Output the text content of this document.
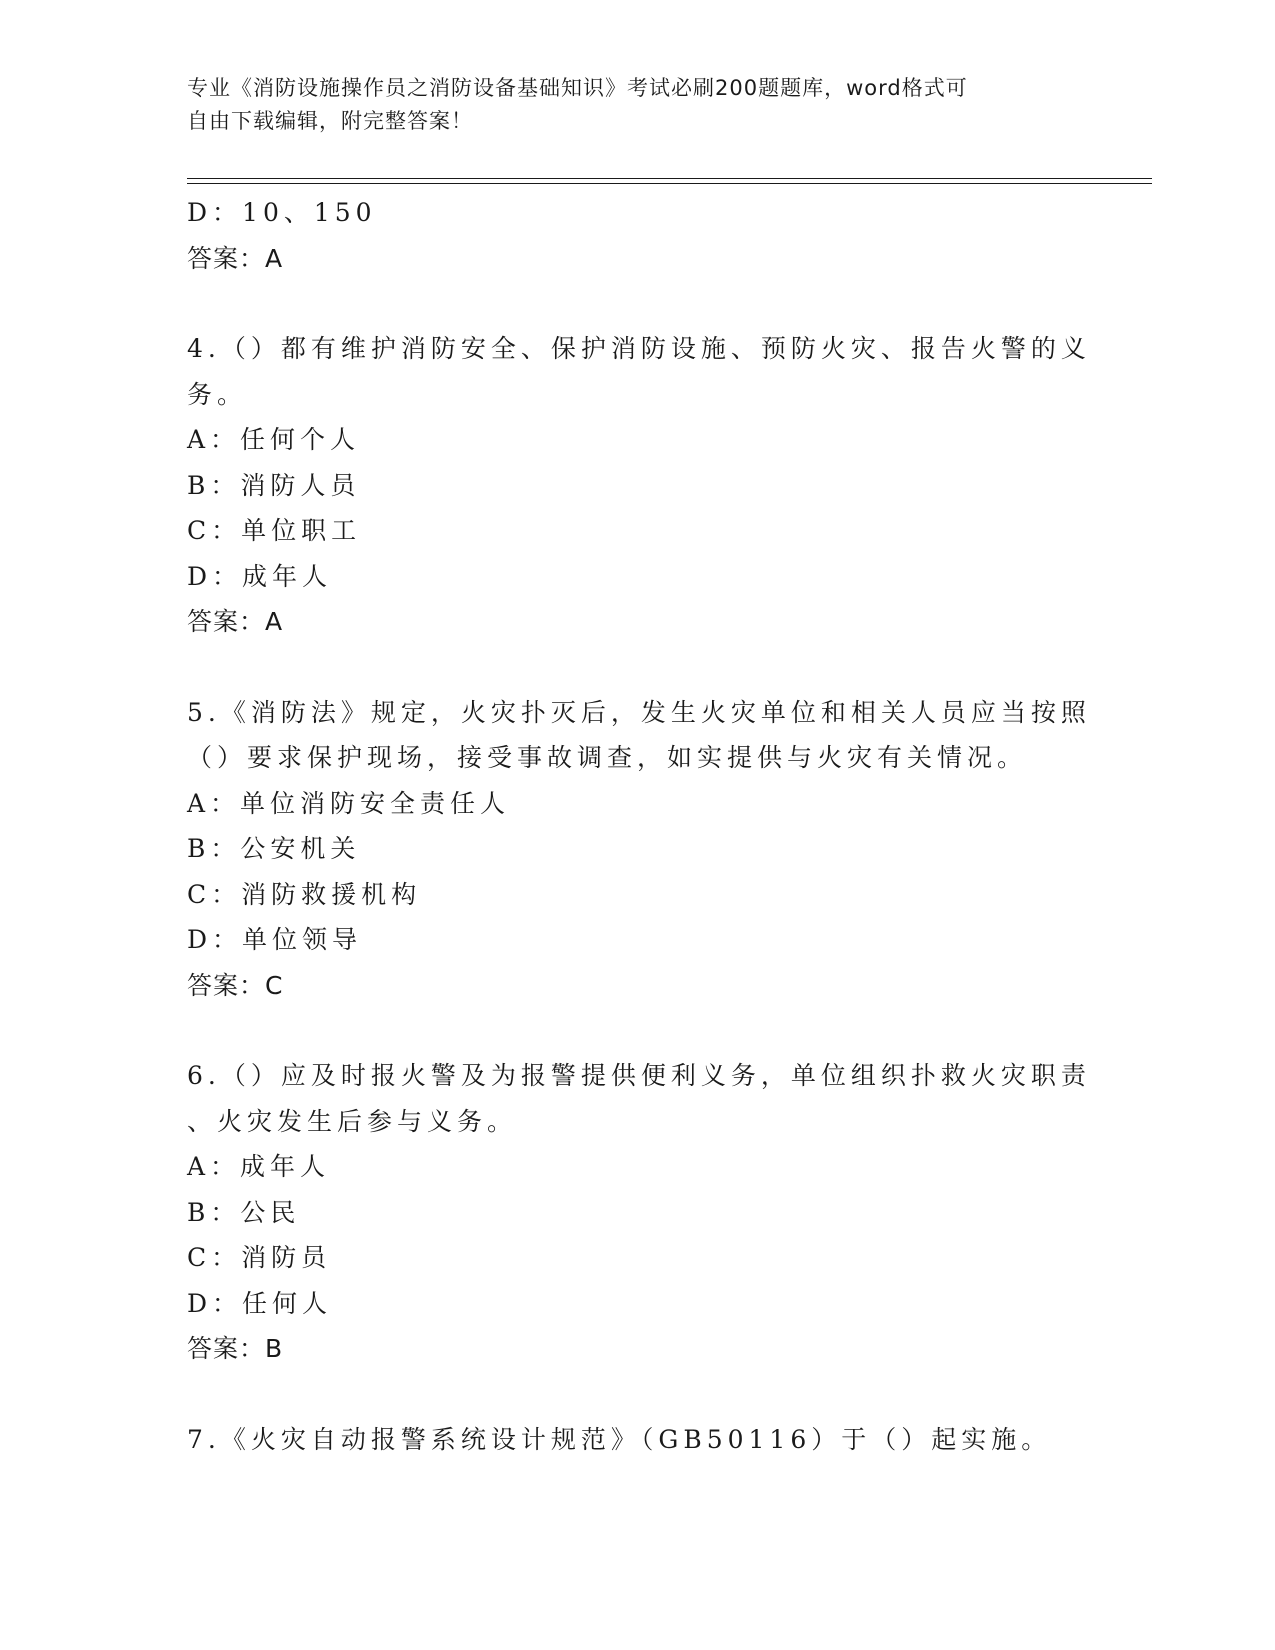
专业《消防设施操作员之消防设备基础知识》考试必刷200题题库，word格式可
自由下载编辑，附完整答案！
D：10、150
答案：A
4.（）都有维护消防安全、保护消防设施、预防火灾、报告火警的义
务。
A：任何个人
B：消防人员
C：单位职工
D：成年人
答案：A
5.《消防法》规定，火灾扑灭后，发生火灾单位和相关人员应当按照
（）要求保护现场，接受事故调查，如实提供与火灾有关情况。
A：单位消防安全责任人
B：公安机关
C：消防救援机构
D：单位领导
答案：C
6.（）应及时报火警及为报警提供便利义务，单位组织扑救火灾职责
、火灾发生后参与义务。
A：成年人
B：公民
C：消防员
D：任何人
答案：B
7.《火灾自动报警系统设计规范》（GB50116）于（）起实施。
